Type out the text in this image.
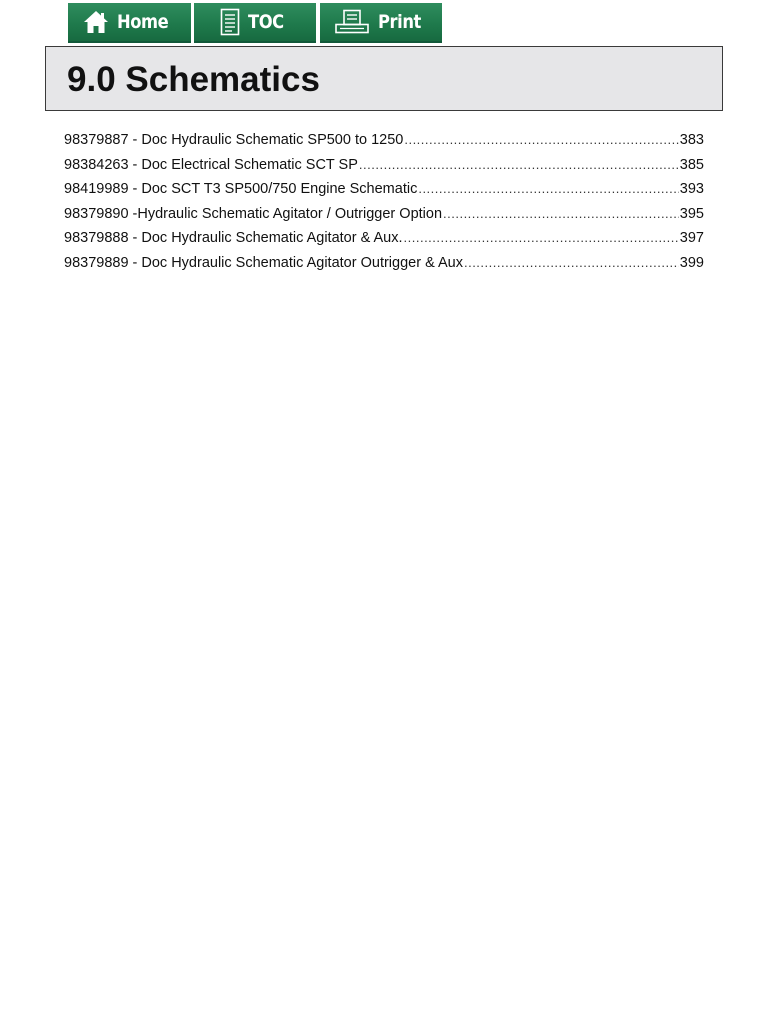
Home	TOC	Print
9.0 Schematics
98379887 - Doc Hydraulic Schematic SP500 to 1250 .....	383
98384263 - Doc Electrical Schematic SCT SP .....	385
98419989 - Doc SCT T3 SP500/750 Engine Schematic .....	393
98379890 -Hydraulic Schematic Agitator / Outrigger Option .....	395
98379888 - Doc Hydraulic Schematic Agitator & Aux. .....	397
98379889 - Doc Hydraulic Schematic Agitator Outrigger & Aux .....	399
